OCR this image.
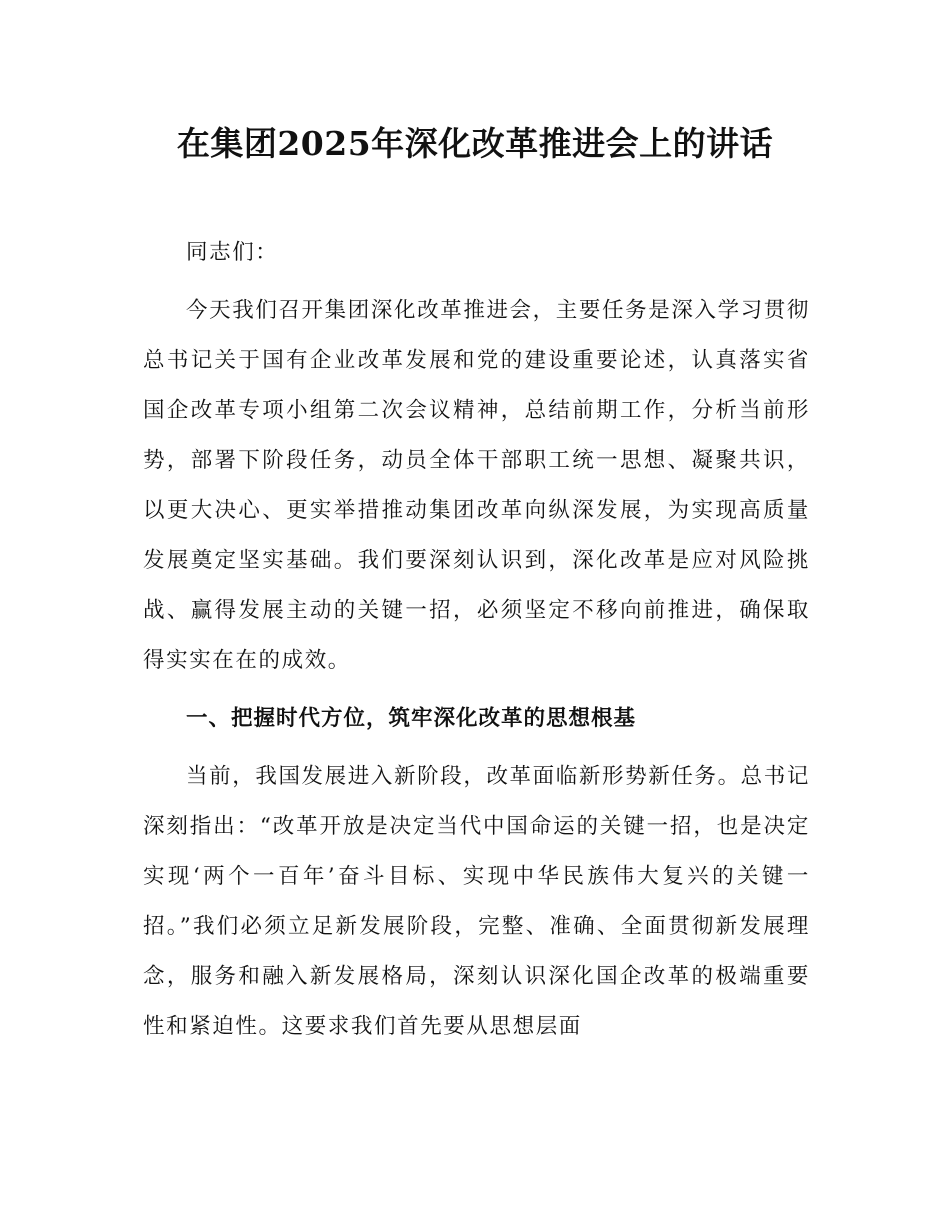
在集团2025年深化改革推进会上的讲话

同志们：

今天我们召开集团深化改革推进会，主要任务是深入学习贯彻总书记关于国有企业改革发展和党的建设重要论述，认真落实省国企改革专项小组第二次会议精神，总结前期工作，分析当前形势，部署下阶段任务，动员全体干部职工统一思想、凝聚共识，以更大决心、更实举措推动集团改革向纵深发展，为实现高质量发展奠定坚实基础。我们要深刻认识到，深化改革是应对风险挑战、赢得发展主动的关键一招，必须坚定不移向前推进，确保取得实实在在的成效。

一、把握时代方位，筑牢深化改革的思想根基

当前，我国发展进入新阶段，改革面临新形势新任务。总书记深刻指出：“改革开放是决定当代中国命运的关键一招，也是决定实现‘两个一百年’奋斗目标、实现中华民族伟大复兴的关键一招。”我们必须立足新发展阶段，完整、准确、全面贯彻新发展理念，服务和融入新发展格局，深刻认识深化国企改革的极端重要性和紧迫性。这要求我们首先要从思想层面
